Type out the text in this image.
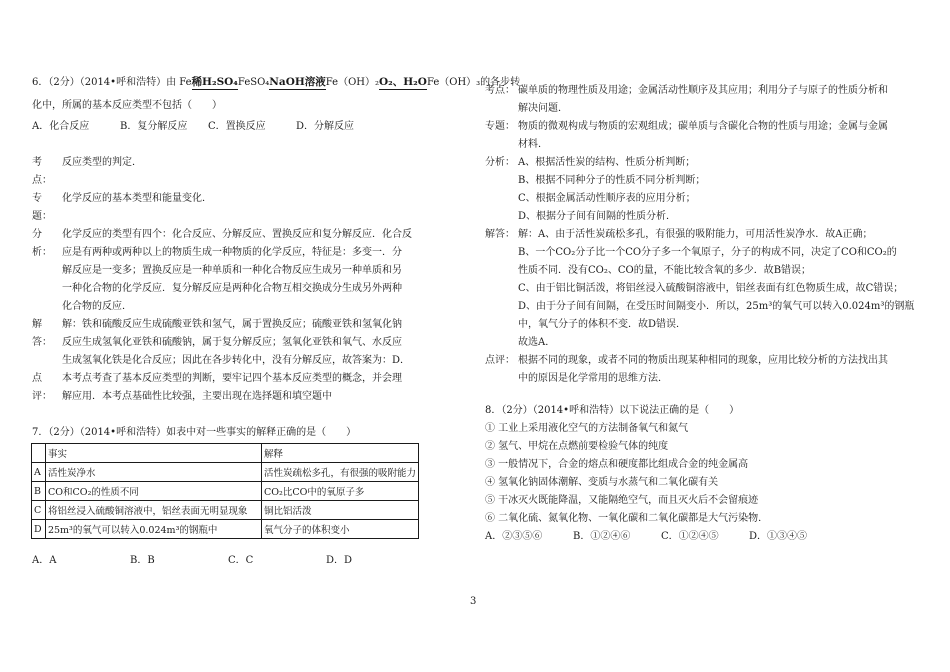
6．（2分）（2014•呼和浩特）由 Fe稀H₂SO₄FeSO₄NaOH溶液Fe（OH）₂O₂、H₂OFe（OH）₃的各步转
化中，所属的基本反应类型不包括（　　）
A．化合反应	B．复分解反应 C．置换反应	D．分解反应
考
点：
反应类型的判定．
专
题：
化学反应的基本类型和能量变化．
分
析：
化学反应的类型有四个：化合反应、分解反应、置换反应和复分解反应．化合反
应是有两种或两种以上的物质生成一种物质的化学反应，特征是：多变一．分
解反应是一变多；置换反应是一种单质和一种化合物反应生成另一种单质和另
一种化合物的化学反应．复分解反应是两种化合物互相交换成分生成另外两种
化合物的反应．
解
答：
解：铁和硫酸反应生成硫酸亚铁和氢气，属于置换反应；硫酸亚铁和氢氧化钠
反应生成氢氧化亚铁和硫酸钠，属于复分解反应；氢氧化亚铁和氧气、水反应
生成氢氧化铁是化合反应；因此在各步转化中，没有分解反应，故答案为：D．
点
评：
本考点考查了基本反应类型的判断，要牢记四个基本反应类型的概念，并会理
解应用．本考点基础性比较强，主要出现在选择题和填空题中
7．（2分）（2014•呼和浩特）如表中对一些事实的解释正确的是（　　）
	事实	解释
A	活性炭净水	活性炭疏松多孔，有很强的吸附能力
B	CO和CO₂的性质不同	CO₂比CO中的氧原子多
C	将铝丝浸入硫酸铜溶液中，铝丝表面无明显现象	铜比铝活泼
D	25m³的氧气可以转入0.024m³的钢瓶中	氧气分子的体积变小
A．A	B．B	C．C	D．D
考点： 碳单质的物理性质及用途；金属活动性顺序及其应用；利用分子与原子的性质分析和
解决问题．
专题： 物质的微观构成与物质的宏观组成；碳单质与含碳化合物的性质与用途；金属与金属
材料．
分析： A、根据活性炭的结构、性质分析判断；
B、根据不同种分子的性质不同分析判断；
C、根据金属活动性顺序表的应用分析；
D、根据分子间有间隔的性质分析．
解答： 解：A、由于活性炭疏松多孔，有很强的吸附能力，可用活性炭净水．故A正确；
B、一个CO₂分子比一个CO分子多一个氧原子，分子的构成不同，决定了CO和CO₂的
性质不同．没有CO₂、CO的量，不能比较含氧的多少．故B错误；
C、由于铝比铜活泼，将铝丝浸入硫酸铜溶液中，铝丝表面有红色物质生成，故C错误；
D、由于分子间有间隔，在受压时间隔变小．所以，25m³的氧气可以转入0.024m³的钢瓶
中，氧气分子的体积不变．故D错误．
故选A．
点评： 根据不同的现象，或者不同的物质出现某种相同的现象，应用比较分析的方法找出其
中的原因是化学常用的思维方法．
8．（2分）（2014•呼和浩特）以下说法正确的是（　　）
① 工业上采用液化空气的方法制备氧气和氮气
② 氢气、甲烷在点燃前要检验气体的纯度
③ 一般情况下，合金的熔点和硬度都比组成合金的纯金属高
④ 氢氧化钠固体潮解、变质与水蒸气和二氧化碳有关
⑤ 干冰灭火既能降温，又能隔绝空气，而且灭火后不会留痕迹
⑥ 二氧化硫、氮氧化物、一氧化碳和二氧化碳都是大气污染物．
A．②③⑤⑥	B．①②④⑥	C．①②④⑤	D．①③④⑤
3
